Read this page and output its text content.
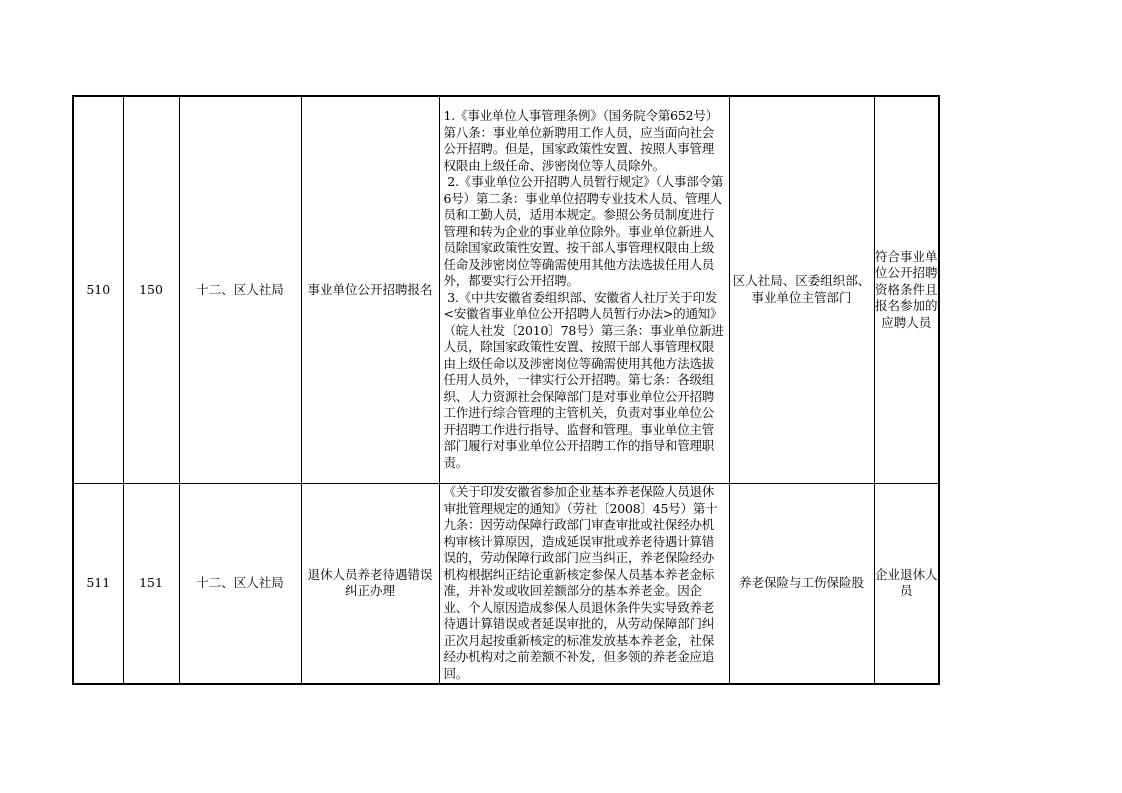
510	150	十二、区人社局	事业单位公开招聘报名	1.《事业单位人事管理条例》（国务院令第652号）第八条：事业单位新聘用工作人员，应当面向社会公开招聘。但是，国家政策性安置、按照人事管理权限由上级任命、涉密岗位等人员除外。
2.《事业单位公开招聘人员暂行规定》（人事部令第6号）第二条：事业单位招聘专业技术人员、管理人员和工勤人员，适用本规定。参照公务员制度进行管理和转为企业的事业单位除外。事业单位新进人员除国家政策性安置、按干部人事管理权限由上级任命及涉密岗位等确需使用其他方法选拔任用人员外，都要实行公开招聘。
3.《中共安徽省委组织部、安徽省人社厅关于印发<安徽省事业单位公开招聘人员暂行办法>的通知》（皖人社发〔2010〕78号）第三条：事业单位新进人员，除国家政策性安置、按照干部人事管理权限由上级任命以及涉密岗位等确需使用其他方法选拔任用人员外，一律实行公开招聘。第七条：各级组织、人力资源社会保障部门是对事业单位公开招聘工作进行综合管理的主管机关，负责对事业单位公开招聘工作进行指导、监督和管理。事业单位主管部门履行对事业单位公开招聘工作的指导和管理职责。	区人社局、区委组织部、事业单位主管部门	符合事业单位公开招聘资格条件且报名参加的应聘人员
511	151	十二、区人社局	退休人员养老待遇错误纠正办理	《关于印发安徽省参加企业基本养老保险人员退休审批管理规定的通知》（劳社〔2008〕45号）第十九条：因劳动保障行政部门审查审批或社保经办机构审核计算原因，造成延误审批或养老待遇计算错误的，劳动保障行政部门应当纠正，养老保险经办机构根据纠正结论重新核定参保人员基本养老金标准，并补发或收回差额部分的基本养老金。因企业、个人原因造成参保人员退休条件失实导致养老待遇计算错误或者延误审批的，从劳动保障部门纠正次月起按重新核定的标准发放基本养老金，社保经办机构对之前差额不补发，但多领的养老金应追回。	养老保险与工伤保险股	企业退休人员
